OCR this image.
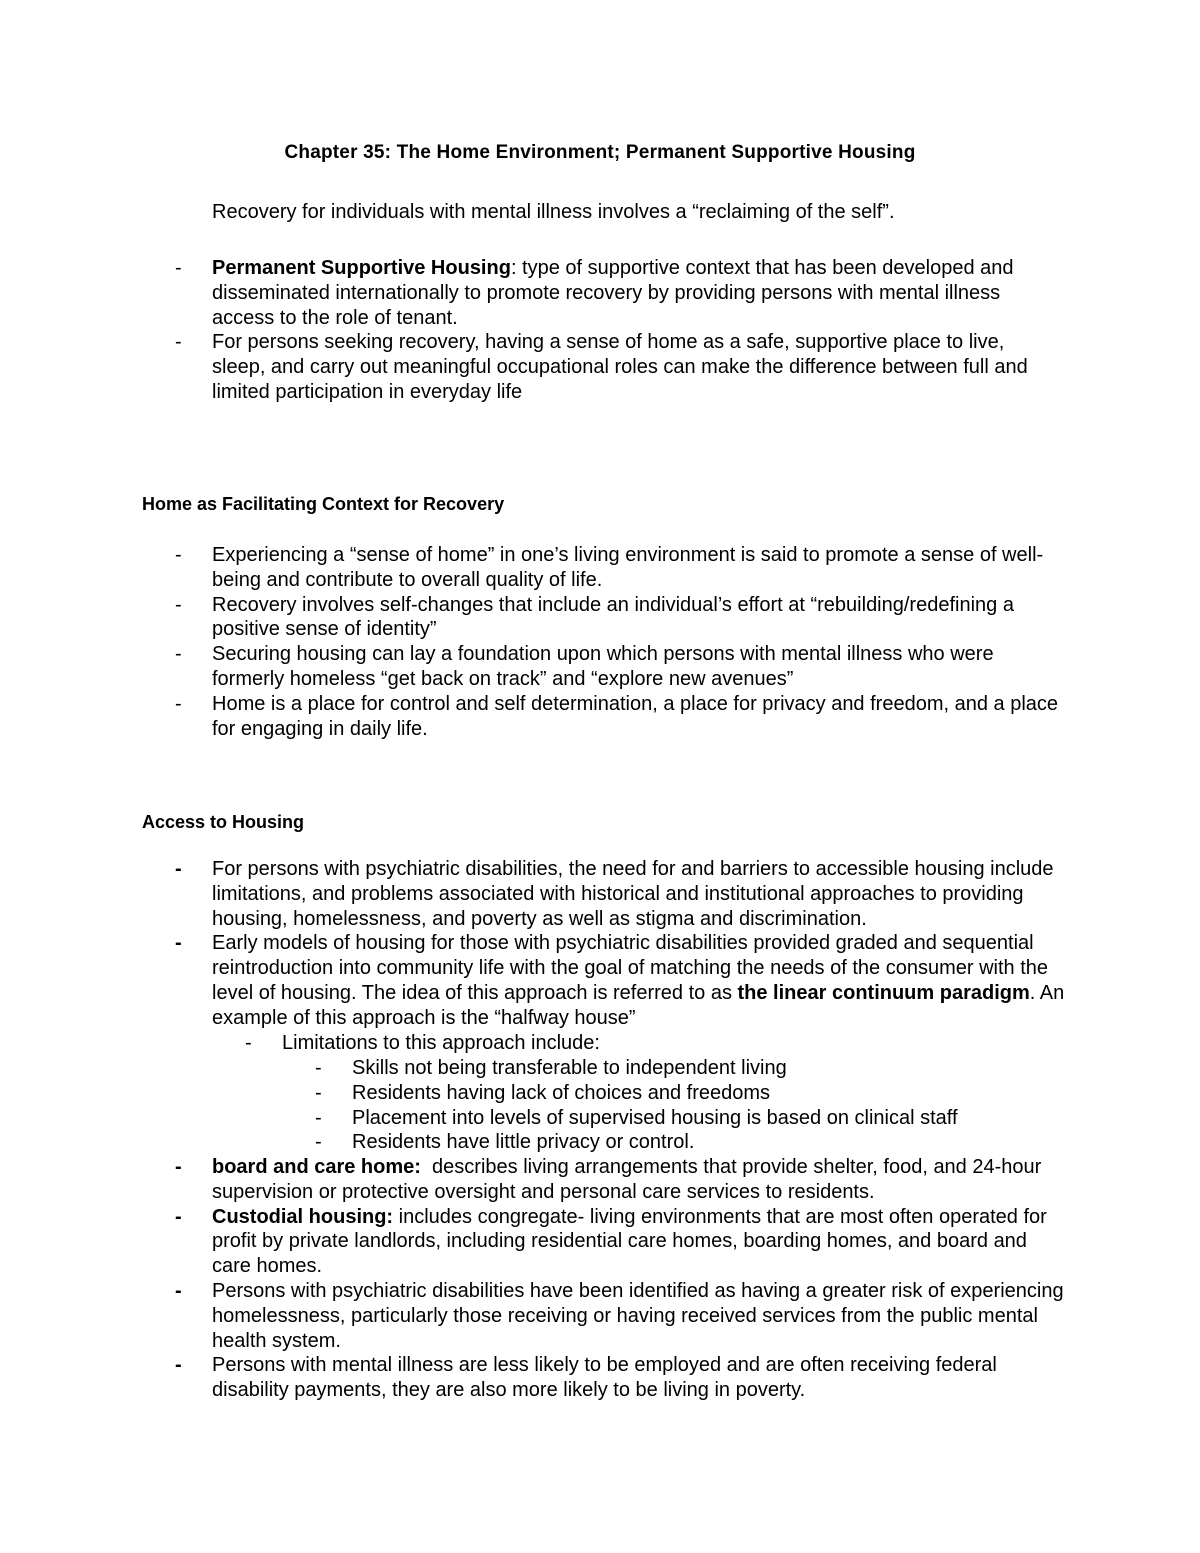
Chapter 35: The Home Environment; Permanent Supportive Housing
Recovery for individuals with mental illness involves a “reclaiming of the self”.
- Permanent Supportive Housing: type of supportive context that has been developed and disseminated internationally to promote recovery by providing persons with mental illness access to the role of tenant.
- For persons seeking recovery, having a sense of home as a safe, supportive place to live, sleep, and carry out meaningful occupational roles can make the difference between full and limited participation in everyday life
Home as Facilitating Context for Recovery
- Experiencing a “sense of home” in one’s living environment is said to promote a sense of well-being and contribute to overall quality of life.
- Recovery involves self-changes that include an individual’s effort at “rebuilding/redefining a positive sense of identity”
- Securing housing can lay a foundation upon which persons with mental illness who were formerly homeless “get back on track” and “explore new avenues”
- Home is a place for control and self determination, a place for privacy and freedom, and a place for engaging in daily life.
Access to Housing
- For persons with psychiatric disabilities, the need for and barriers to accessible housing include limitations, and problems associated with historical and institutional approaches to providing housing, homelessness, and poverty as well as stigma and discrimination.
- Early models of housing for those with psychiatric disabilities provided graded and sequential reintroduction into community life with the goal of matching the needs of the consumer with the level of housing. The idea of this approach is referred to as the linear continuum paradigm. An example of this approach is the “halfway house”
- Limitations to this approach include:
- Skills not being transferable to independent living
- Residents having lack of choices and freedoms
- Placement into levels of supervised housing is based on clinical staff
- Residents have little privacy or control.
- board and care home:  describes living arrangements that provide shelter, food, and 24-hour supervision or protective oversight and personal care services to residents.
- Custodial housing: includes congregate- living environments that are most often operated for profit by private landlords, including residential care homes, boarding homes, and board and care homes.
- Persons with psychiatric disabilities have been identified as having a greater risk of experiencing homelessness, particularly those receiving or having received services from the public mental health system.
- Persons with mental illness are less likely to be employed and are often receiving federal disability payments, they are also more likely to be living in poverty.
